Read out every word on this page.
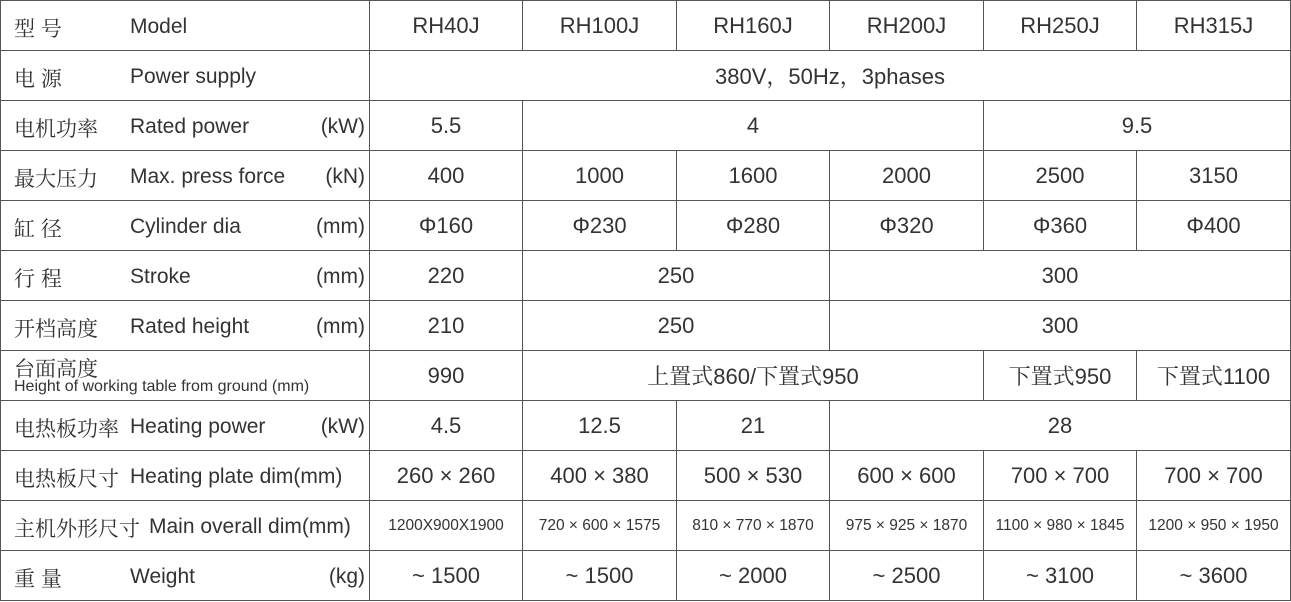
型 号 Model	RH40J	RH100J	RH160J	RH200J	RH250J	RH315J

电 源 Power supply	380V，50Hz，3phases					

电机功率 Rated power (kW)	5.5	4			9.5	

最大压力 Max. press force (kN)	400	1000	1600	2000	2500	3150

缸 径 Cylinder dia (mm)	Φ160	Φ230	Φ280	Φ320	Φ360	Φ400

行 程 Stroke (mm)	220	250		300		

开档高度 Rated height (mm)	210	250		300		

台面高度
Height of working table from ground (mm)	990	上置式860/下置式950			下置式950	下置式1100

电热板功率 Heating power (kW)	4.5	12.5	21	28		

电热板尺寸 Heating plate dim(mm)	260 × 260	400 × 380	500 × 530	600 × 600	700 × 700	700 × 700

主机外形尺寸 Main overall dim(mm)	1200X900X1900	720 × 600 × 1575	810 × 770 × 1870	975 × 925 × 1870	1100 × 980 × 1845	1200 × 950 × 1950

重 量 Weight (kg)	~ 1500	~ 1500	~ 2000	~ 2500	~ 3100	~ 3600
